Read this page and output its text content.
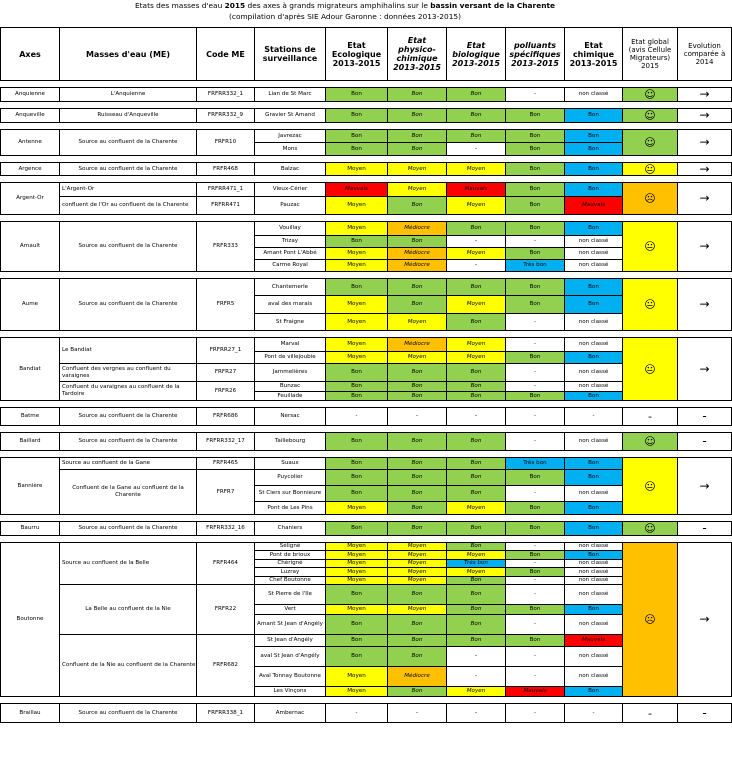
Etats des masses d'eau 2015 des axes à grands migrateurs amphihalins sur le bassin versant de la Charente
(compilation d'après SIE Adour Garonne : données 2013-2015)
Axes	Masses d'eau (ME)	Code ME	Stations de surveillance	Etat Ecologique 2013-2015	Etat physico-chimique 2013-2015	Etat biologique 2013-2015	polluants spécifiques 2013-2015	Etat chimique 2013-2015	Etat global (avis Cellule Migrateurs) 2015	Evolution comparée à 2014

Anquienne	L'Anquienne	FRFRR332_1	Lian de St Marc	Bon	Bon	Bon	-	non classé	☺	→

Anqueville	Ruisseau d'Anqueville	FRFRR332_9	Gravier St Amand	Bon	Bon	Bon	Bon	Bon	☺	→

Antenne	Source au confluent de la Charente	FRFR10	Javrezac	Bon	Bon	Bon	Bon	Bon	☺	→
			Mons	Bon	Bon	-	Bon	Bon		

Argence	Source au confluent de la Charente	FRFR468	Balzac	Moyen	Moyen	Moyen	Bon	Bon	😐	→

Argent-Or	L'Argent-Or	FRFRR471_1	Vieux-Cérier	Mauvais	Moyen	Mauvais	Bon	Bon	☹	→
	confluent de l'Or au confluent de la Charente	FRFRR471	Pauzac	Moyen	Bon	Moyen	Bon	Mauvais		

Arnault	Source au confluent de la Charente	FRFR333	Vouillay	Moyen	Médiocre	Bon	Bon	Bon	😐	→
			Trizay	Bon	Bon	-	-	non classé		
			Amant Pont L'Abbé	Moyen	Médiocre	Moyen	Bon	non classé		
			Carme Royal	Moyen	Médiocre	-	Très bon	non classé		

Aume	Source au confluent de la Charente	FRFR5	Chantemerle	Bon	Bon	Bon	Bon	Bon	😐	→
			aval des marais	Moyen	Bon	Moyen	Bon	Bon		
			St Fraigne	Moyen	Moyen	Bon	-	non classé		

Bandiat	Le Bandiat	FRFRR27_1	Marval	Moyen	Médiocre	Moyen	-	non classé	😐	→
			Pont de villejoubie	Moyen	Moyen	Moyen	Bon	Bon		
	Confluent des vergnes au confluent du varaignes	FRFR27	Jammelières	Bon	Bon	Bon	-	non classé		
	Confluent du varaignes au confluent de la Tardoire	FRFR26	Bunzac	Bon	Bon	Bon	-	non classé		
			Feuillade	Bon	Bon	Bon	Bon	Bon		

Batme	Source au confluent de la Charente	FRFR686	Nersac	-	-	-	-	-	-	-

Baillard	Source au confluent de la Charente	FRFRR332_17	Taillebourg	Bon	Bon	Bon	-	non classé	☺	-

Bannière	Source au confluent de la Gane	FRFR465	Suaux	Bon	Bon	Bon	Très bon	Bon	😐	→
	Confluent de la Gane au confluent de la Charente	FRFR7	Puycolier	Bon	Bon	Bon	Bon	Bon		
			St Ciers sur Bonnieure	Bon	Bon	Bon	-	non classé		
			Pont de Les Pins	Moyen	Bon	Moyen	Bon	Bon		

Baurru	Source au confluent de la Charente	FRFRR332_16	Chaniers	Bon	Bon	Bon	Bon	Bon	☺	-

Boutonne	Source au confluent de la Belle	FRFR464	Séligné	Moyen	Moyen	Bon	-	non classé	☹	→
			Pont de brioux	Moyen	Moyen	Moyen	Bon	Bon		
			Chérigné	Moyen	Moyen	Très bon	-	non classé		
			Luzray	Moyen	Moyen	Moyen	Bon	non classé		
			Chef Boutonne	Moyen	Moyen	Bon	-	non classé		
	La Belle au confluent de la Nie	FRFR22	St Pierre de l'Ile	Bon	Bon	Bon	-	non classé		
			Vert	Moyen	Moyen	Bon	Bon	Bon		
			Amant St Jean d'Angély	Bon	Bon	Bon	-	non classé		
	Confluent de la Nie au confluent de la Charente	FRFR682	St Jean d'Angély	Bon	Bon	Bon	Bon	Mauvais		
			aval St Jean d'Angély	Bon	Bon	-	-	non classé		
			Aval Tonnay Boutonne	Moyen	Médiocre	-	-	non classé		
			Les Vinçons	Moyen	Bon	Moyen	Mauvais	Bon		

Braillau	Source au confluent de la Charente	FRFRR338_1	Ambernac	-	-	-	-	-	-	-
